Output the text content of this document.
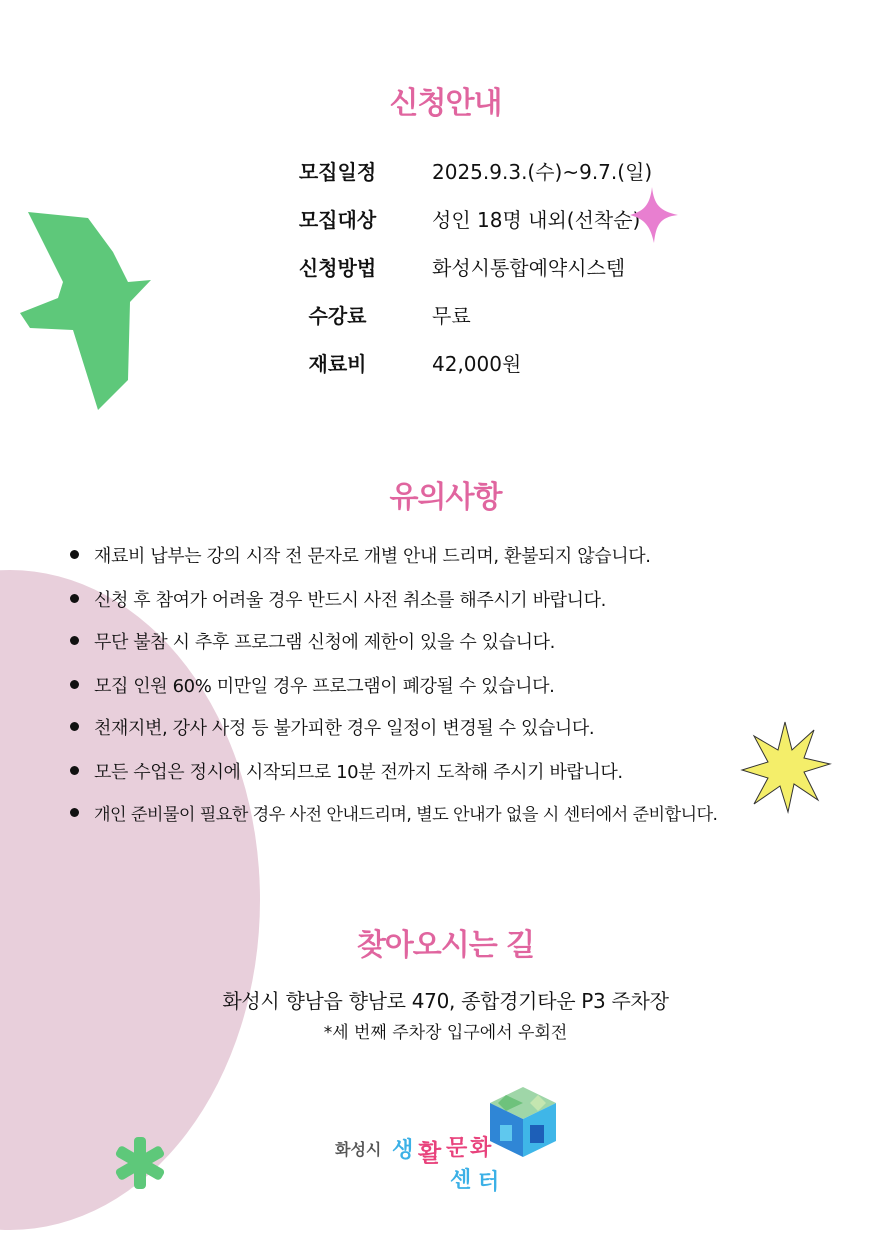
신청안내
모집일정	2025.9.3.(수)~9.7.(일)
모집대상	성인 18명 내외(선착순)
신청방법	화성시통합예약시스템
수강료	무료
재료비	42,000원
유의사항
재료비 납부는 강의 시작 전 문자로 개별 안내 드리며, 환불되지 않습니다.
신청 후 참여가 어려울 경우 반드시 사전 취소를 해주시기 바랍니다.
무단 불참 시 추후 프로그램 신청에 제한이 있을 수 있습니다.
모집 인원 60% 미만일 경우 프로그램이 폐강될 수 있습니다.
천재지변, 강사 사정 등 불가피한 경우 일정이 변경될 수 있습니다.
모든 수업은 정시에 시작되므로 10분 전까지 도착해 주시기 바랍니다.
개인 준비물이 필요한 경우 사전 안내드리며, 별도 안내가 없을 시 센터에서 준비합니다.
찾아오시는 길
화성시 향남읍 향남로 470, 종합경기타운 P3 주차장
*세 번째 주차장 입구에서 우회전
화성시 생 활 문 화
센 터
